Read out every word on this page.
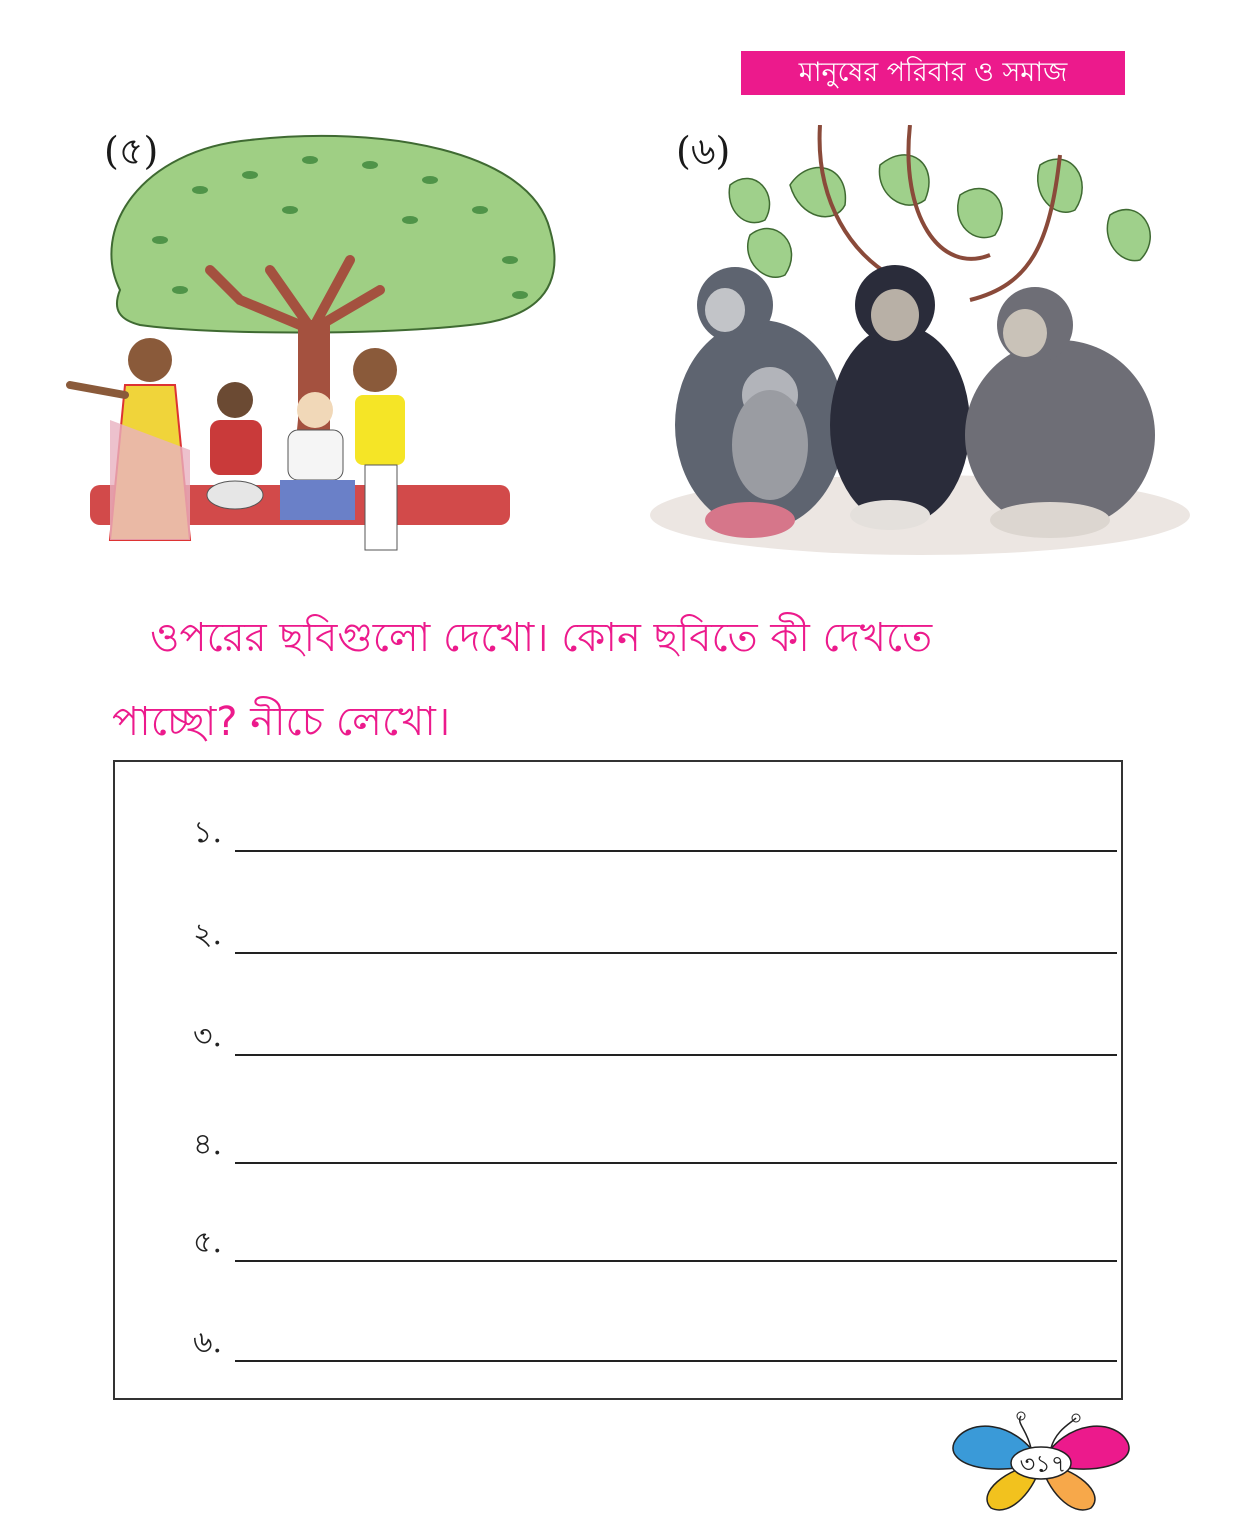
মানুষের পরিবার ও সমাজ
(৫)	(৬)
ওপরের ছবিগুলো দেখো। কোন ছবিতে কী দেখতে
পাচ্ছো? নীচে লেখো।
১.
২.
৩.
৪.
৫.
৬.
৩১৭
